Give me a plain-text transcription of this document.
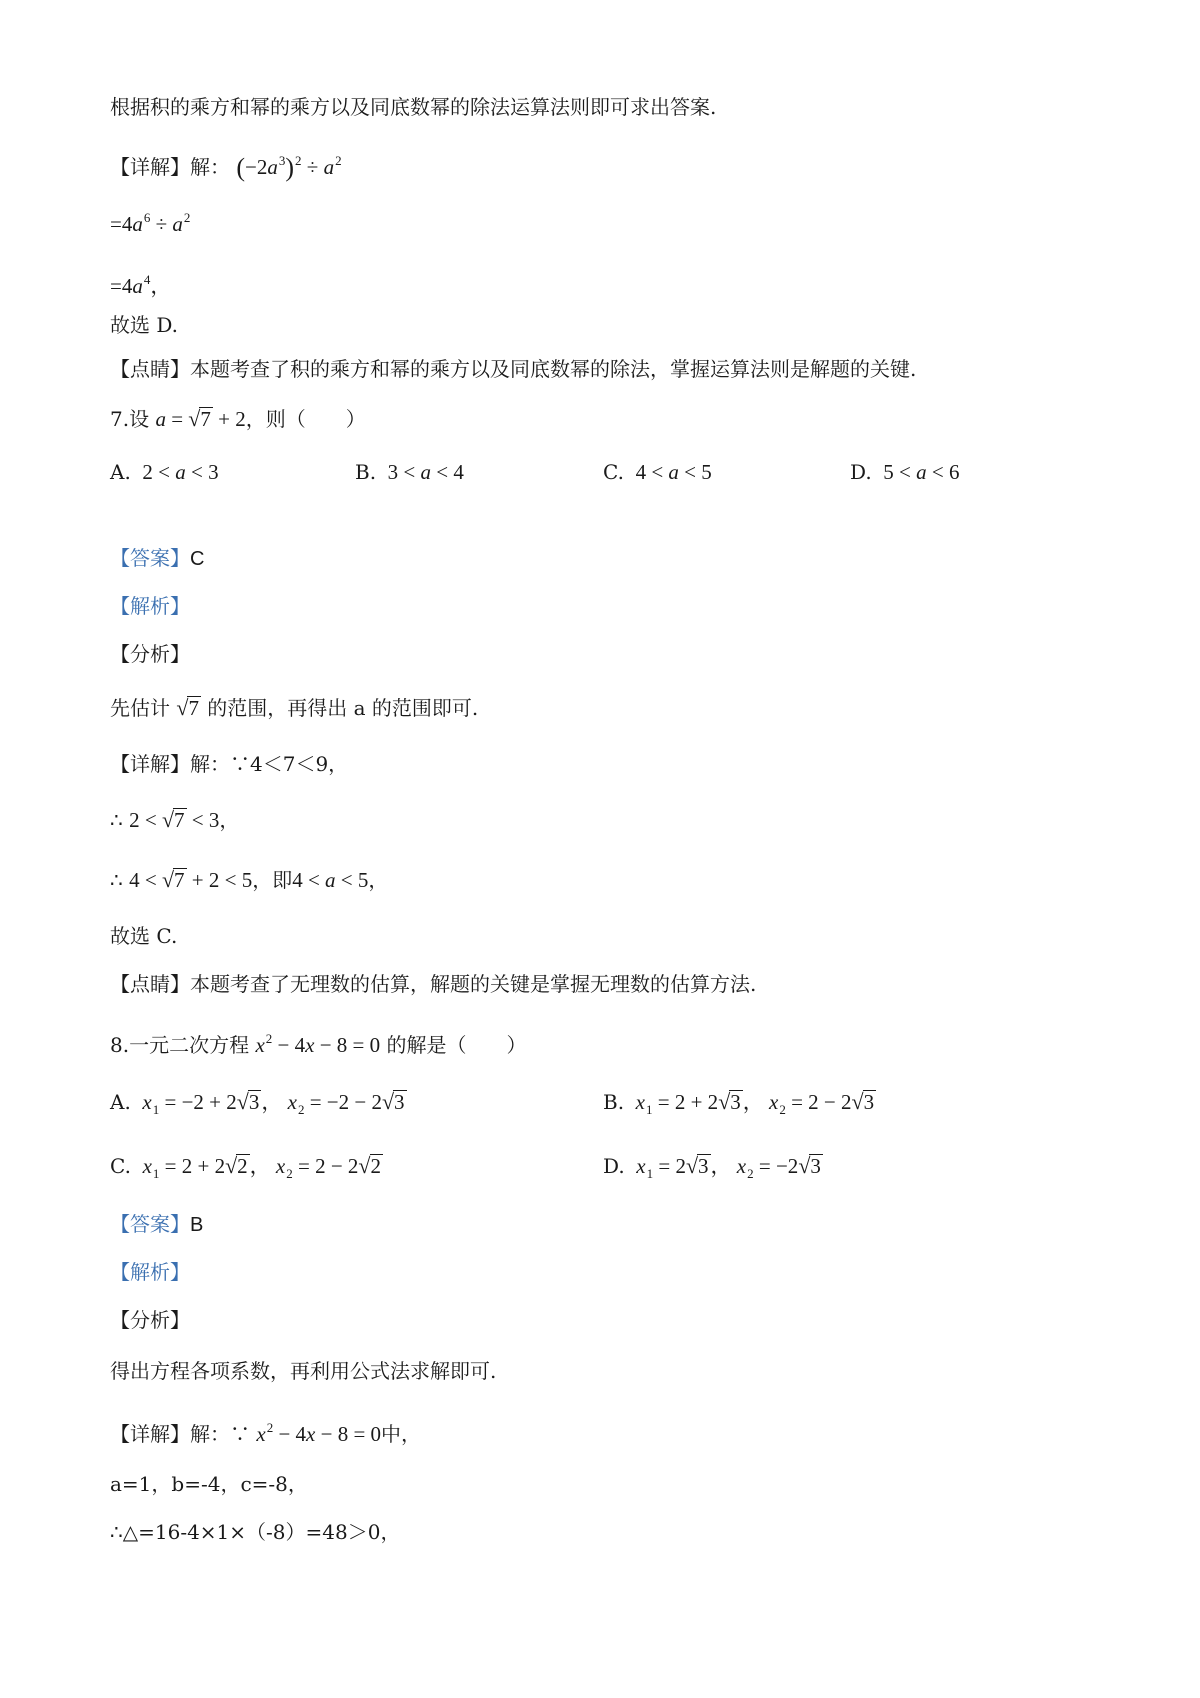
根据积的乘方和幂的乘方以及同底数幂的除法运算法则即可求出答案.
【详解】解： $(-2a^3)^2 \div a^2$
$=4a^6 \div a^2$
$=4a^4$，
故选 D.
【点睛】本题考查了积的乘方和幂的乘方以及同底数幂的除法，掌握运算法则是解题的关键.
7.设 a = √7 + 2，则（　　）
A.  2 < a < 3	B.  3 < a < 4	C.  4 < a < 5	D.  5 < a < 6
【答案】C
【解析】
【分析】
先估计 √7 的范围，再得出 a 的范围即可.
【详解】解：∵4＜7＜9，
∴ 2 < √7 < 3，
∴ 4 < √7 + 2 < 5，即4 < a < 5，
故选 C.
【点睛】本题考查了无理数的估算，解题的关键是掌握无理数的估算方法.
8.一元二次方程 $x^2 - 4x - 8 = 0$ 的解是（　　）
A. $x_1 = -2 + 2√3$， $x_2 = -2 - 2√3$	B. $x_1 = 2 + 2√3$， $x_2 = 2 - 2√3$
C. $x_1 = 2 + 2√2$， $x_2 = 2 - 2√2$	D. $x_1 = 2√3$， $x_2 = -2√3$
【答案】B
【解析】
【分析】
得出方程各项系数，再利用公式法求解即可.
【详解】解：∵ $x^2 - 4x - 8 = 0$中，
a=1，b=-4，c=-8，
∴△=16-4×1×（-8）=48＞0，
